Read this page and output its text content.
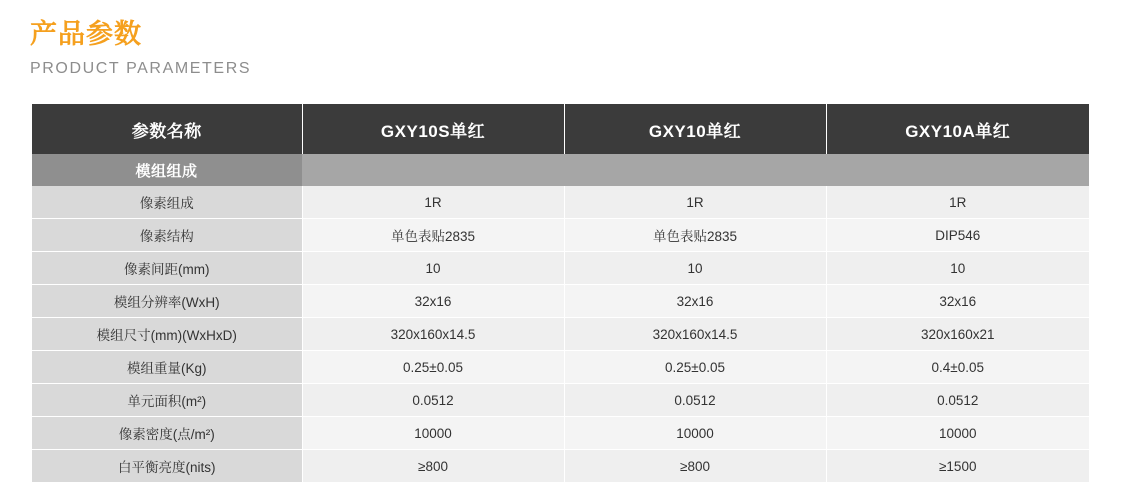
产品参数
PRODUCT PARAMETERS
参数名称	GXY10S单红	GXY10单红	GXY10A单红
模组组成			
像素组成	1R	1R	1R
像素结构	单色表贴2835	单色表贴2835	DIP546
像素间距(mm)	10	10	10
模组分辨率(WxH)	32x16	32x16	32x16
模组尺寸(mm)(WxHxD)	320x160x14.5	320x160x14.5	320x160x21
模组重量(Kg)	0.25±0.05	0.25±0.05	0.4±0.05
单元面积(m²)	0.0512	0.0512	0.0512
像素密度(点/m²)	10000	10000	10000
白平衡亮度(nits)	≥800	≥800	≥1500
